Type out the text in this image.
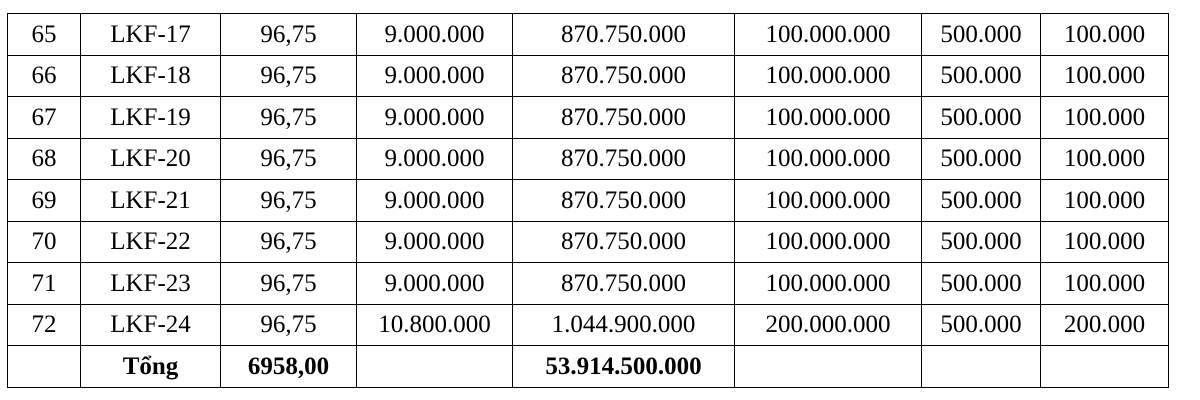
65	LKF-17	96,75	9.000.000	870.750.000	100.000.000	500.000	100.000
66	LKF-18	96,75	9.000.000	870.750.000	100.000.000	500.000	100.000
67	LKF-19	96,75	9.000.000	870.750.000	100.000.000	500.000	100.000
68	LKF-20	96,75	9.000.000	870.750.000	100.000.000	500.000	100.000
69	LKF-21	96,75	9.000.000	870.750.000	100.000.000	500.000	100.000
70	LKF-22	96,75	9.000.000	870.750.000	100.000.000	500.000	100.000
71	LKF-23	96,75	9.000.000	870.750.000	100.000.000	500.000	100.000
72	LKF-24	96,75	10.800.000	1.044.900.000	200.000.000	500.000	200.000
	Tổng	6958,00		53.914.500.000			
